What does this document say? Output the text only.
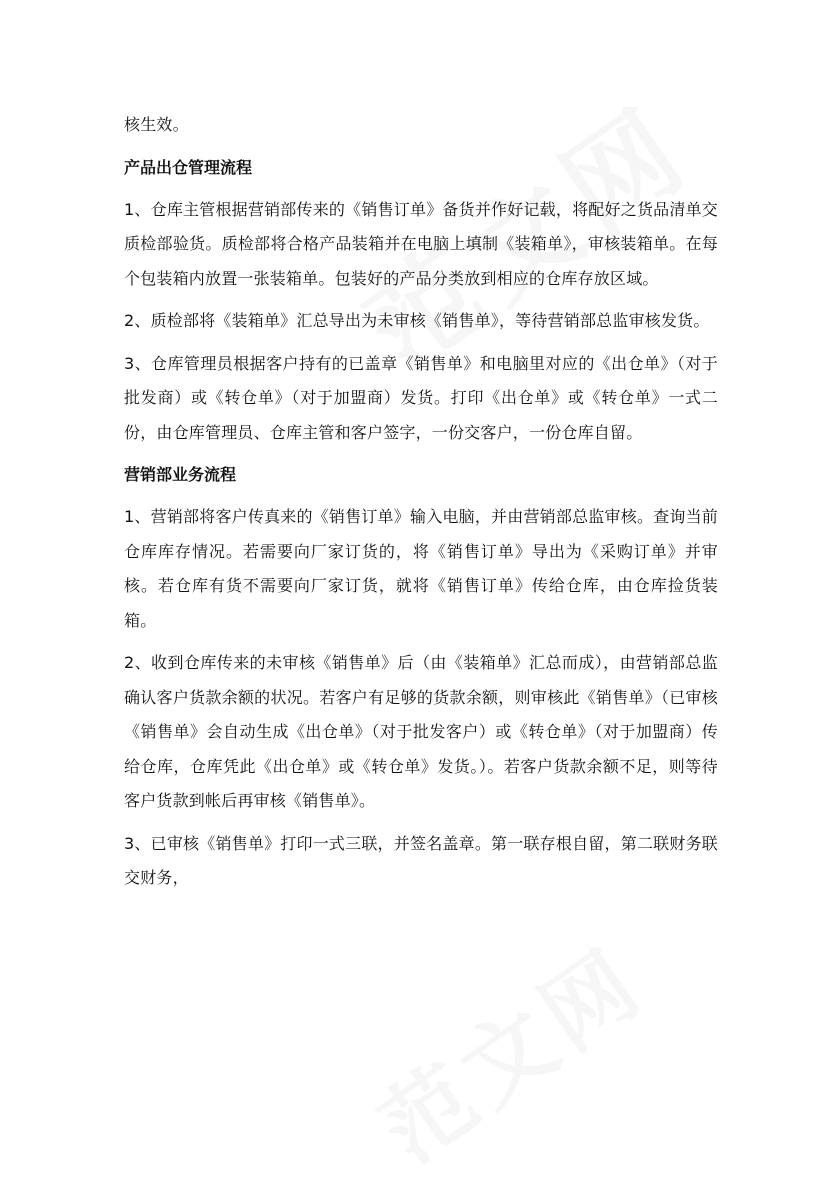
核生效。

产品出仓管理流程

1、仓库主管根据营销部传来的《销售订单》备货并作好记载，将配好之货品清单交质检部验货。质检部将合格产品装箱并在电脑上填制《装箱单》，审核装箱单。在每个包装箱内放置一张装箱单。包装好的产品分类放到相应的仓库存放区域。

2、质检部将《装箱单》汇总导出为未审核《销售单》，等待营销部总监审核发货。

3、仓库管理员根据客户持有的已盖章《销售单》和电脑里对应的《出仓单》（对于批发商）或《转仓单》（对于加盟商）发货。打印《出仓单》或《转仓单》一式二份，由仓库管理员、仓库主管和客户签字，一份交客户，一份仓库自留。

营销部业务流程

1、营销部将客户传真来的《销售订单》输入电脑，并由营销部总监审核。查询当前仓库库存情况。若需要向厂家订货的，将《销售订单》导出为《采购订单》并审核。若仓库有货不需要向厂家订货，就将《销售订单》传给仓库，由仓库捡货装箱。

2、收到仓库传来的未审核《销售单》后（由《装箱单》汇总而成），由营销部总监确认客户货款余额的状况。若客户有足够的货款余额，则审核此《销售单》（已审核《销售单》会自动生成《出仓单》（对于批发客户）或《转仓单》（对于加盟商）传给仓库，仓库凭此《出仓单》或《转仓单》发货。）。若客户货款余额不足，则等待客户货款到帐后再审核《销售单》。

3、已审核《销售单》打印一式三联，并签名盖章。第一联存根自留，第二联财务联交财务，
